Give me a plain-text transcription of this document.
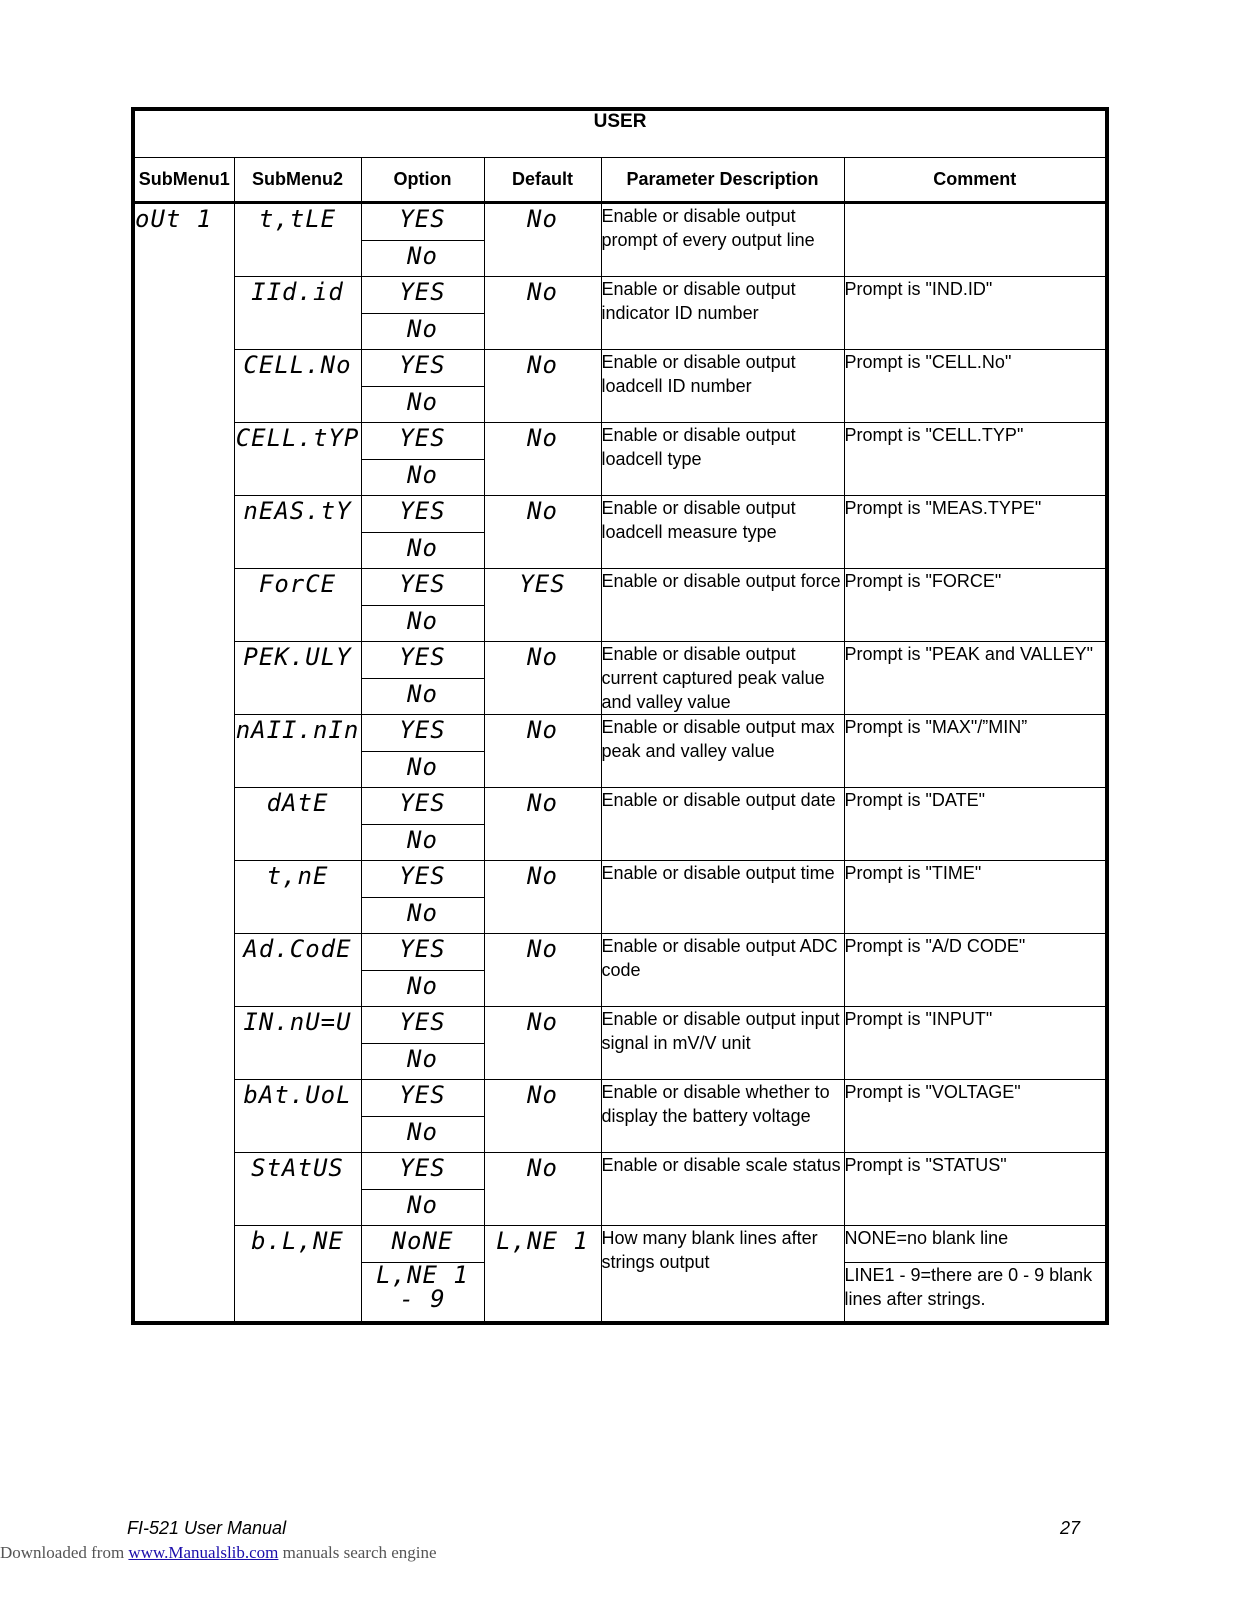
USER					
SubMenu1	SubMenu2	Option	Default	Parameter Description	Comment
oUt 1	t,tLE	YES	No	Enable or disable output prompt of every output line	
		No			
	IId.id	YES	No	Enable or disable output indicator ID number	Prompt is "IND.ID"
		No			
	CELL.No	YES	No	Enable or disable output loadcell ID number	Prompt is "CELL.No"
		No			
	CELL.tYP	YES	No	Enable or disable output loadcell type	Prompt is "CELL.TYP"
		No			
	nEAS.tY	YES	No	Enable or disable output loadcell measure type	Prompt is "MEAS.TYPE"
		No			
	ForCE	YES	YES	Enable or disable output force	Prompt is "FORCE"
		No			
	PEK.ULY	YES	No	Enable or disable output current captured peak value and valley value	Prompt is "PEAK and VALLEY"
		No			
	nAII.nIn	YES	No	Enable or disable output max peak and valley value	Prompt is "MAX"/”MIN”
		No			
	dAtE	YES	No	Enable or disable output date	Prompt is "DATE"
		No			
	t,nE	YES	No	Enable or disable output time	Prompt is "TIME"
		No			
	Ad.CodE	YES	No	Enable or disable output ADC code	Prompt is "A/D CODE"
		No			
	IN.nU=U	YES	No	Enable or disable output input signal in mV/V unit	Prompt is "INPUT"
		No			
	bAt.UoL	YES	No	Enable or disable whether to display the battery voltage	Prompt is "VOLTAGE"
		No			
	StAtUS	YES	No	Enable or disable scale status	Prompt is "STATUS"
		No			
	b.L,NE	NoNE	L,NE 1	How many blank lines after strings output	NONE=no blank line
		L,NE 1 - 9			LINE1 - 9=there are 0 - 9 blank lines after strings.
FI-521 User Manual	27
Downloaded from www.Manualslib.com manuals search engine
